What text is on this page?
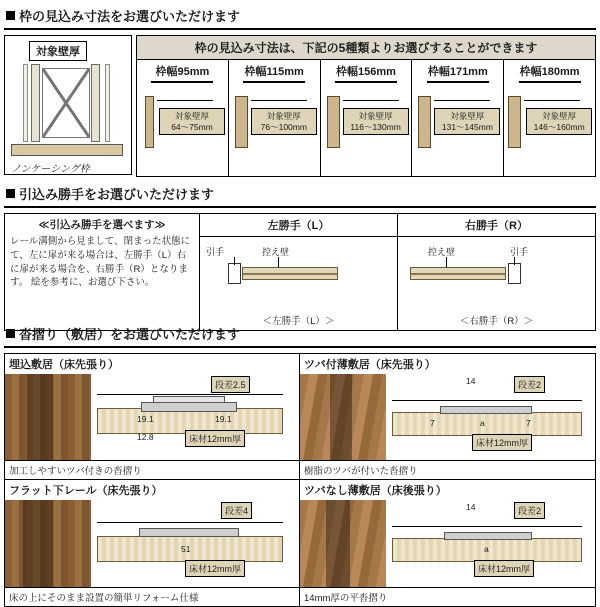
枠の見込み寸法をお選びいただけます
対象壁厚
ノンケーシング枠
枠の見込み寸法は、下記の5種類よりお選びすることができます
枠幅95mm
対象壁厚
64〜75mm
枠幅115mm
対象壁厚
76〜100mm
枠幅156mm
対象壁厚
116〜130mm
枠幅171mm
対象壁厚
131〜145mm
枠幅180mm
対象壁厚
146〜160mm
引込み勝手をお選びいただけます
≪引込み勝手を選べます≫

レール溝側から見まして、閉まった状態にて、左に扉が来る場合は、左勝手（L）右に扉が来る場合を、右勝手（R）となります。 絵を参考に、お選び下さい。

左勝手（L）
引手	控え壁
＜左勝手（L）＞
右勝手（R）
控え壁	引手
＜右勝手（R）＞
沓摺り（敷居）をお選びいただけます
埋込敷居（床先張り）
段差2.5
19.1	19.1
12.8	床材12mm厚
加工しやすいツバ付きの沓摺り
ツバ付薄敷居（床先張り）
14	段差2
7	7
a
床材12mm厚
樹脂のツバが付いた沓摺り
フラット下レール（床先張り）
段差4
51
床材12mm厚
床の上にそのまま設置の簡単リフォーム仕様
ツバなし薄敷居（床後張り）
14	段差2
a
床材12mm厚
14mm厚の平沓摺り
